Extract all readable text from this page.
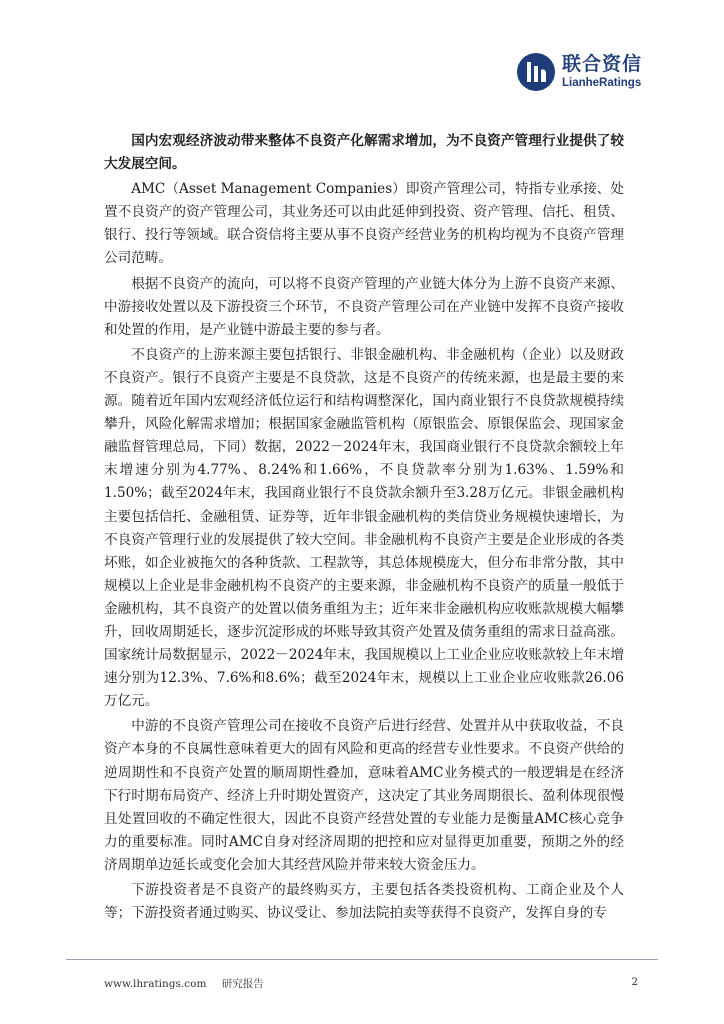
联合资信
LianheRatings

国内宏观经济波动带来整体不良资产化解需求增加，为不良资产管理行业提供了较大发展空间。

AMC（Asset Management Companies）即资产管理公司，特指专业承接、处置不良资产的资产管理公司，其业务还可以由此延伸到投资、资产管理、信托、租赁、银行、投行等领域。联合资信将主要从事不良资产经营业务的机构均视为不良资产管理公司范畴。

根据不良资产的流向，可以将不良资产管理的产业链大体分为上游不良资产来源、中游接收处置以及下游投资三个环节，不良资产管理公司在产业链中发挥不良资产接收和处置的作用，是产业链中游最主要的参与者。

不良资产的上游来源主要包括银行、非银金融机构、非金融机构（企业）以及财政不良资产。银行不良资产主要是不良贷款，这是不良资产的传统来源，也是最主要的来源。随着近年国内宏观经济低位运行和结构调整深化，国内商业银行不良贷款规模持续攀升，风险化解需求增加；根据国家金融监管机构（原银监会、原银保监会、现国家金融监督管理总局，下同）数据，2022－2024年末，我国商业银行不良贷款余额较上年末增速分别为4.77%、8.24%和1.66%，不良贷款率分别为1.63%、1.59%和1.50%；截至2024年末，我国商业银行不良贷款余额升至3.28万亿元。非银金融机构主要包括信托、金融租赁、证券等，近年非银金融机构的类信贷业务规模快速增长，为不良资产管理行业的发展提供了较大空间。非金融机构不良资产主要是企业形成的各类坏账，如企业被拖欠的各种货款、工程款等，其总体规模庞大，但分布非常分散，其中规模以上企业是非金融机构不良资产的主要来源，非金融机构不良资产的质量一般低于金融机构，其不良资产的处置以债务重组为主；近年来非金融机构应收账款规模大幅攀升，回收周期延长，逐步沉淀形成的坏账导致其资产处置及债务重组的需求日益高涨。国家统计局数据显示，2022－2024年末，我国规模以上工业企业应收账款较上年末增速分别为12.3%、7.6%和8.6%；截至2024年末，规模以上工业企业应收账款26.06万亿元。

中游的不良资产管理公司在接收不良资产后进行经营、处置并从中获取收益，不良资产本身的不良属性意味着更大的固有风险和更高的经营专业性要求。不良资产供给的逆周期性和不良资产处置的顺周期性叠加，意味着AMC业务模式的一般逻辑是在经济下行时期布局资产、经济上升时期处置资产，这决定了其业务周期很长、盈利体现很慢且处置回收的不确定性很大，因此不良资产经营处置的专业能力是衡量AMC核心竞争力的重要标准。同时AMC自身对经济周期的把控和应对显得更加重要，预期之外的经济周期单边延长或变化会加大其经营风险并带来较大资金压力。

下游投资者是不良资产的最终购买方，主要包括各类投资机构、工商企业及个人等；下游投资者通过购买、协议受让、参加法院拍卖等获得不良资产，发挥自身的专

www.lhratings.com 研究报告	2
